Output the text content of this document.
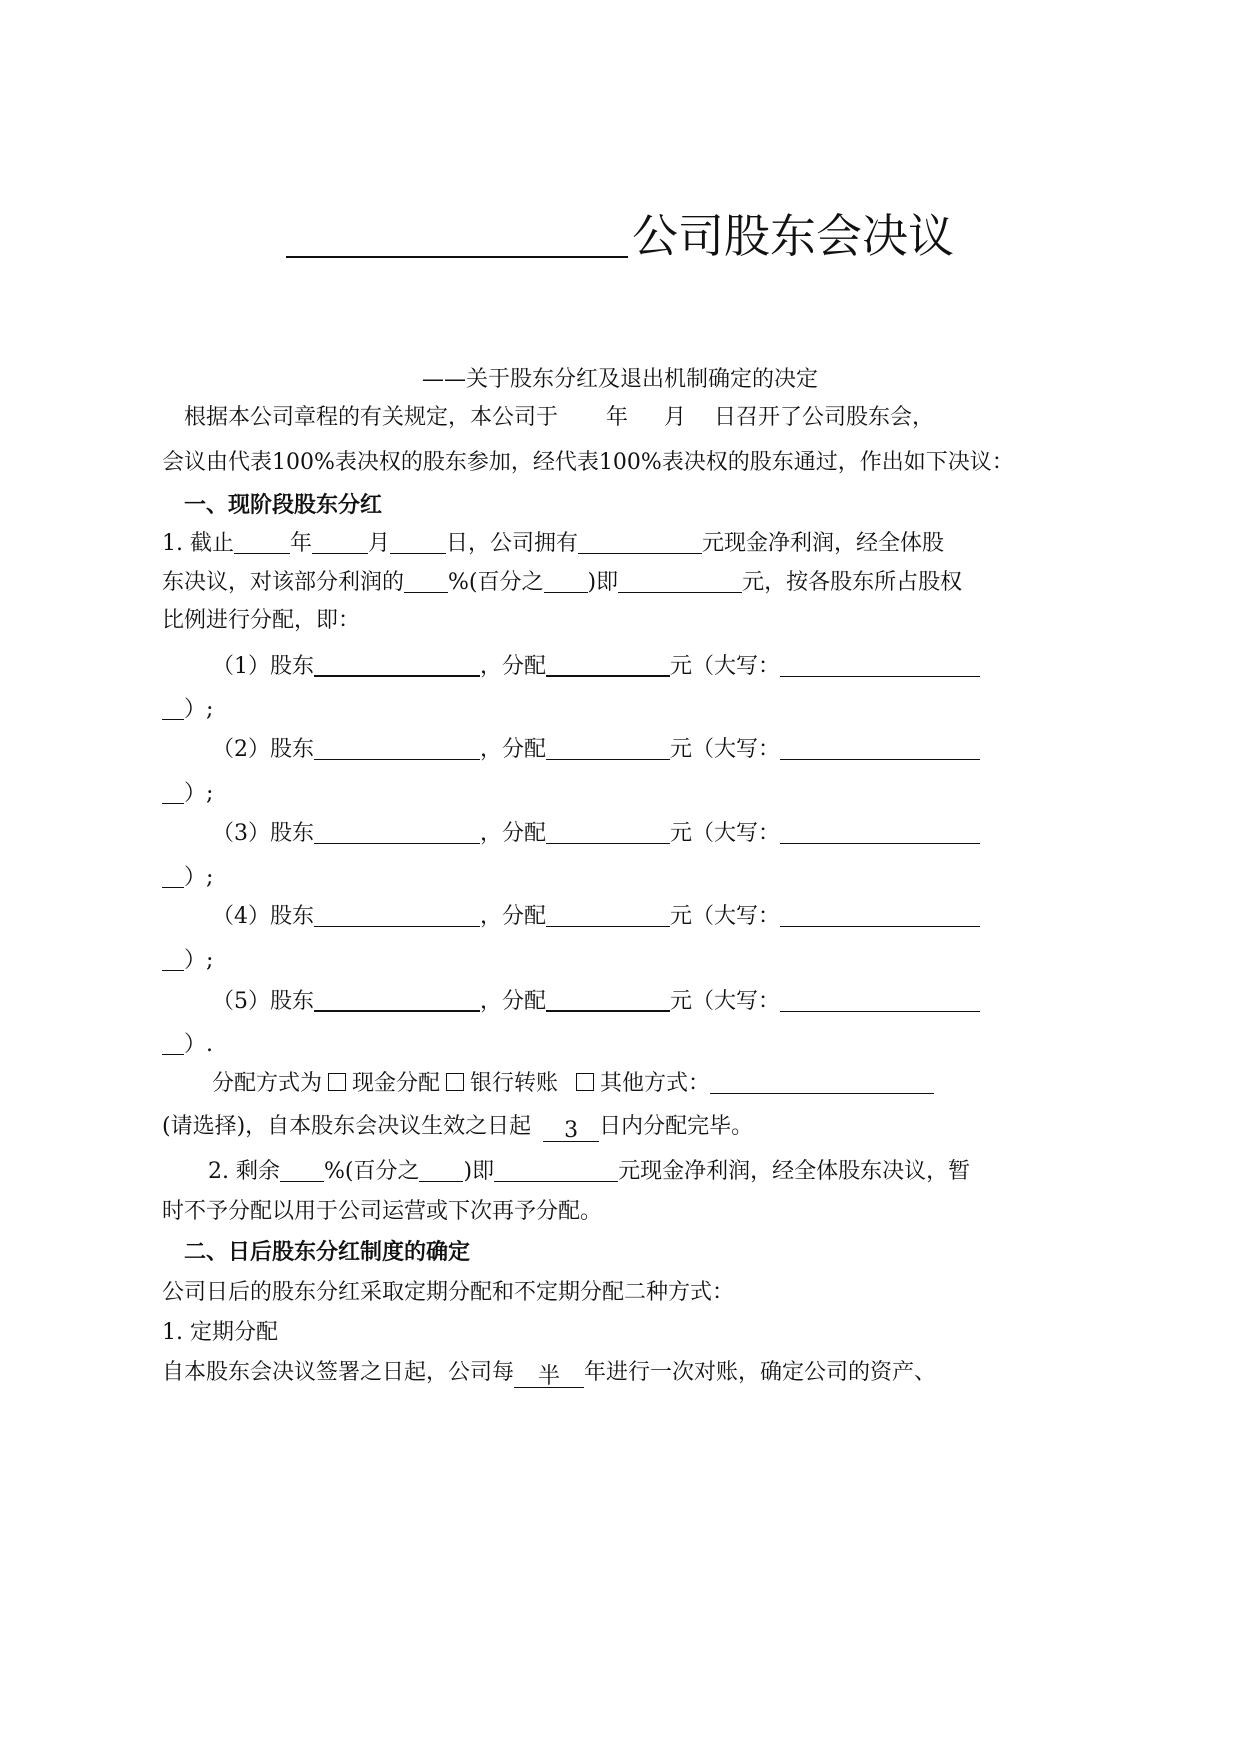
公司股东会决议
——关于股东分红及退出机制确定的决定
根据本公司章程的有关规定，本公司于 年 月 日召开了公司股东会，
会议由代表100%表决权的股东参加，经代表100%表决权的股东通过，作出如下决议：
一、现阶段股东分红
1. 截止	年	月	日，公司拥有	元现金净利润，经全体股
东决议，对该部分利润的 %(百分之 )即	元，按各股东所占股权
比例进行分配，即：
（1）股东	，分配	元（大写：
）;
（2）股东	，分配	元（大写：
）;
（3）股东	，分配	元（大写：
）;
（4）股东	，分配	元（大写：
）;
（5）股东	，分配	元（大写：
）.
分配方式为 现金分配 银行转账 其他方式：
(请选择)，自本股东会决议生效之日起 3 日内分配完毕。
2. 剩余 %(百分之 )即	元现金净利润，经全体股东决议，暂
时不予分配以用于公司运营或下次再予分配。
二、日后股东分红制度的确定
公司日后的股东分红采取定期分配和不定期分配二种方式：
1. 定期分配
自本股东会决议签署之日起，公司每 半 年进行一次对账，确定公司的资产、
